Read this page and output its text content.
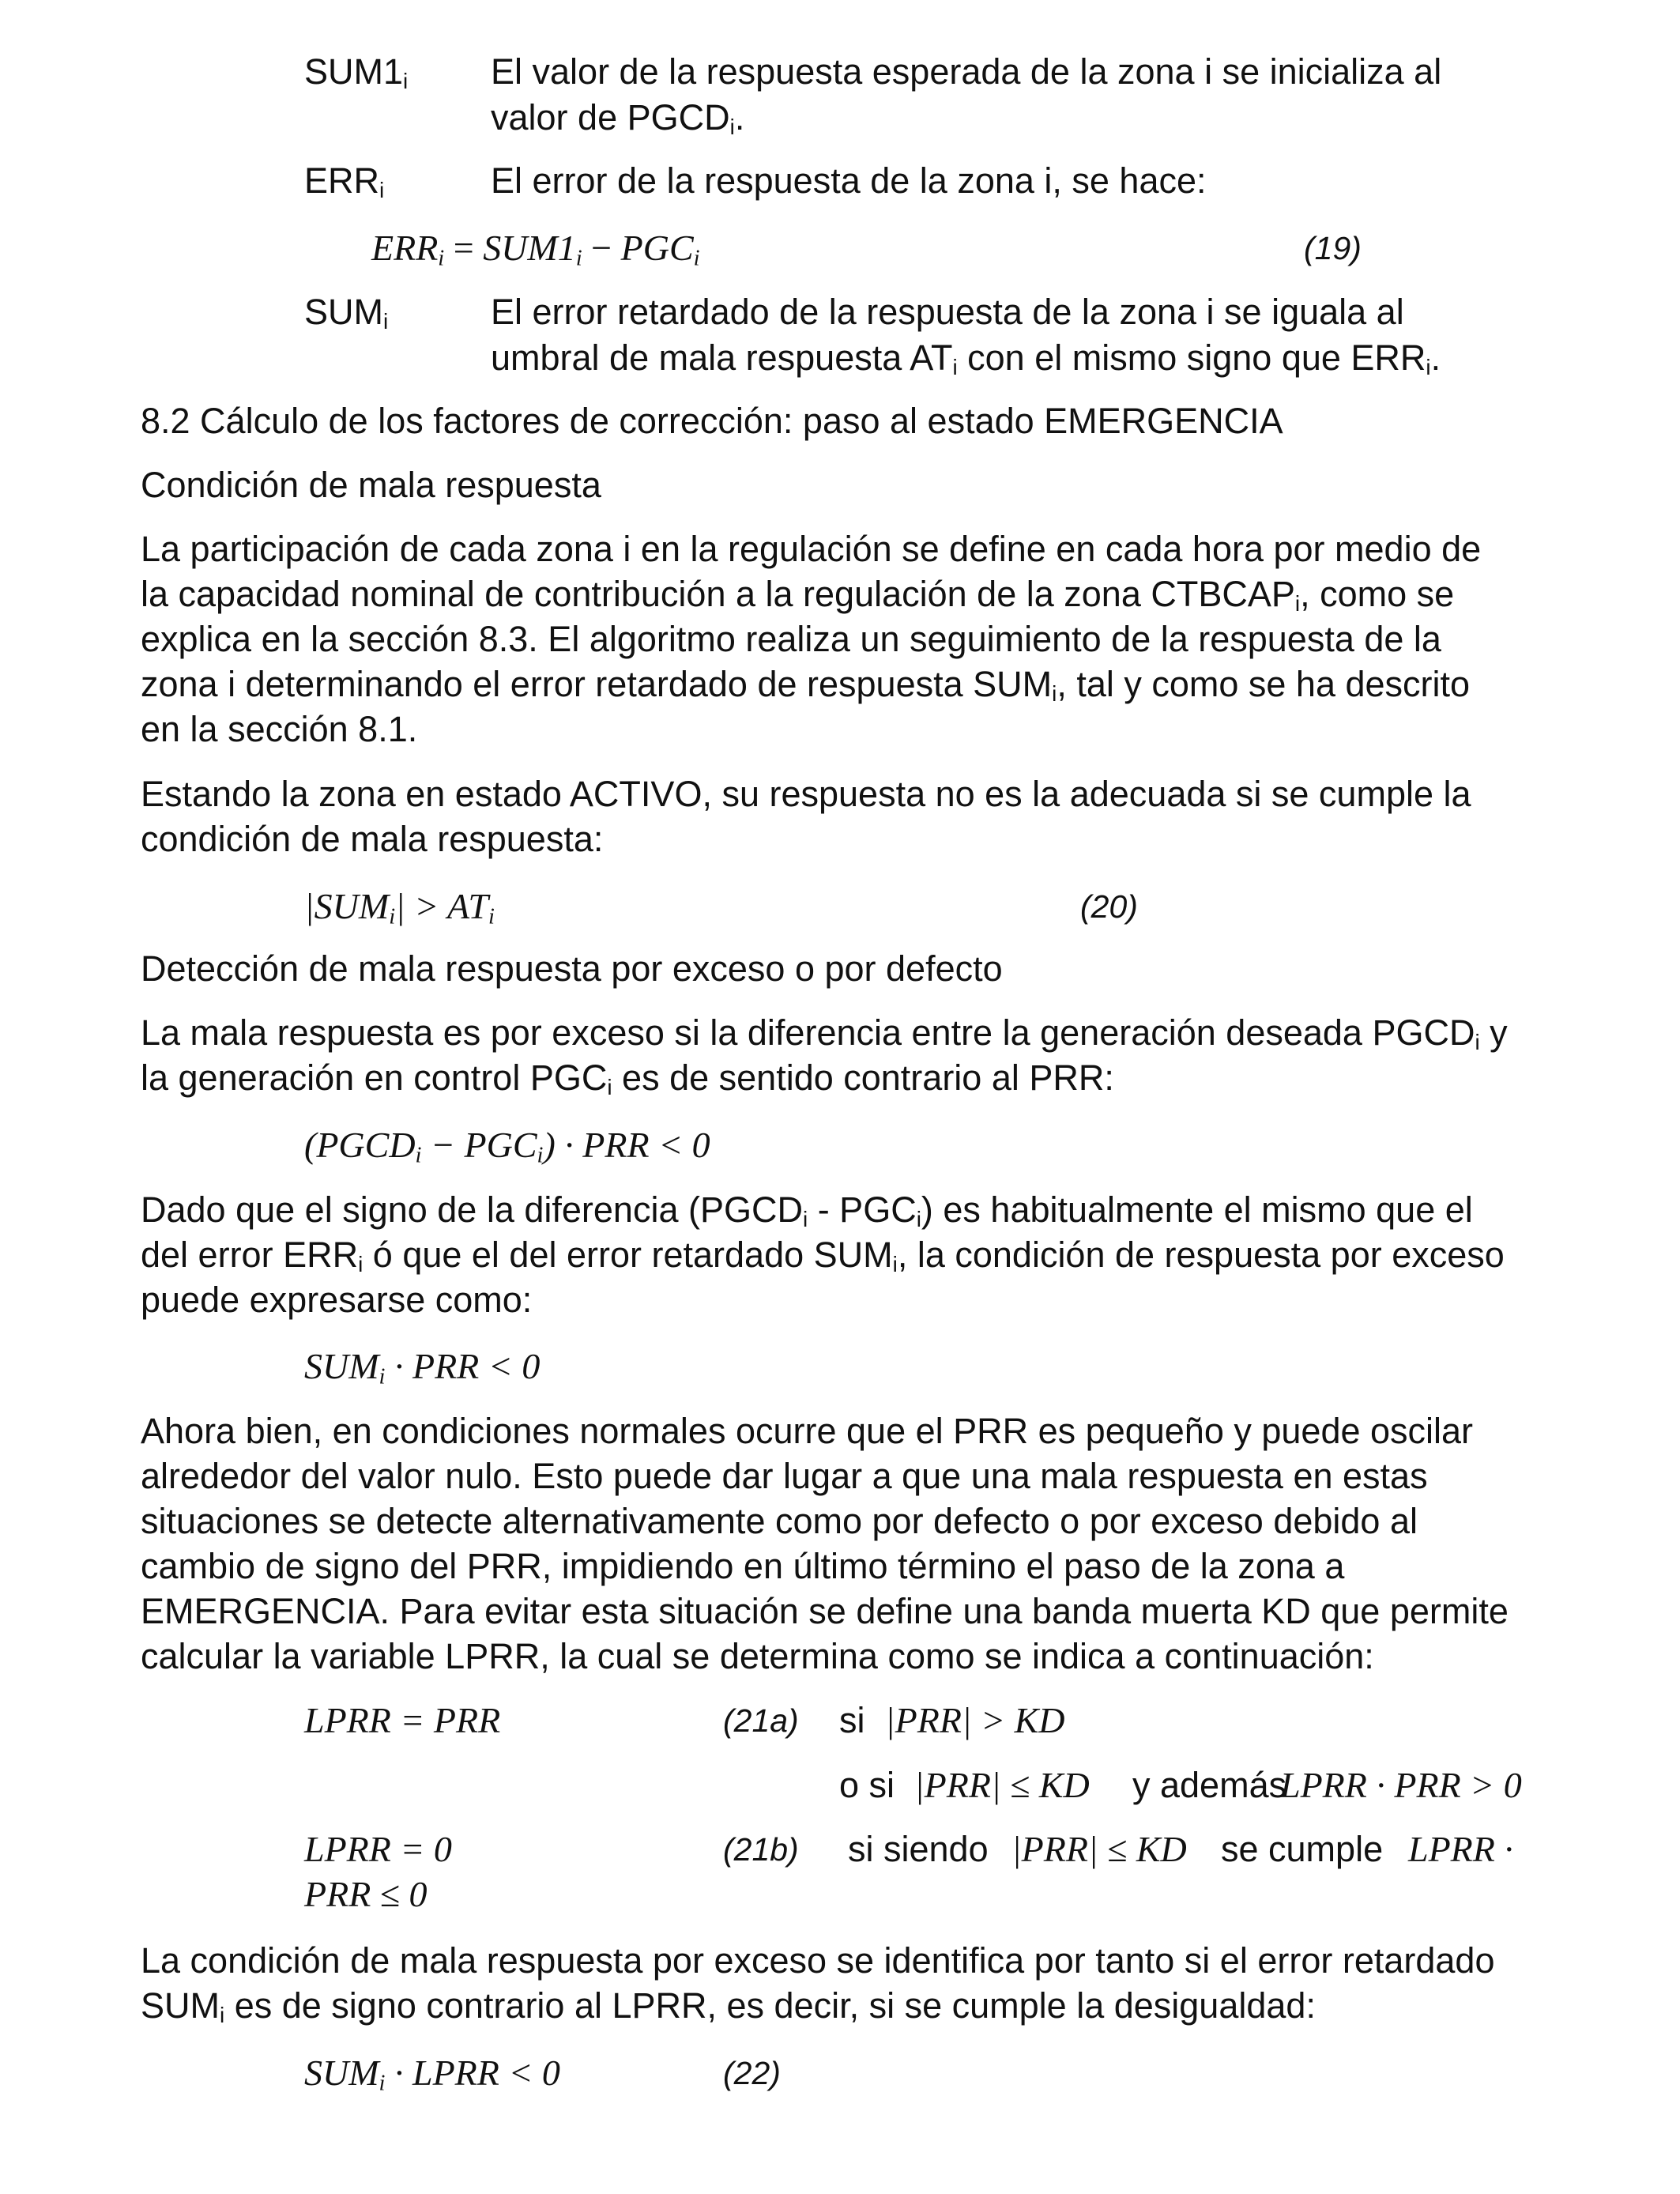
SUM1i El valor de la respuesta esperada de la zona i se inicializa al
valor de PGCDi.
ERRi	El error de la respuesta de la zona i, se hace:
$ERR_i = SUM1_i - PGC_i$	(19)
SUMi	El error retardado de la respuesta de la zona i se iguala al
umbral de mala respuesta ATi con el mismo signo que ERRi.
8.2 Cálculo de los factores de corrección: paso al estado EMERGENCIA
Condición de mala respuesta
La participación de cada zona i en la regulación se define en cada hora por medio de
la capacidad nominal de contribución a la regulación de la zona CTBCAPi, como se
explica en la sección 8.3. El algoritmo realiza un seguimiento de la respuesta de la
zona i determinando el error retardado de respuesta SUMi, tal y como se ha descrito
en la sección 8.1.
Estando la zona en estado ACTIVO, su respuesta no es la adecuada si se cumple la
condición de mala respuesta:
$|SUM_i| > AT_i$	(20)
Detección de mala respuesta por exceso o por defecto
La mala respuesta es por exceso si la diferencia entre la generación deseada PGCDi y
la generación en control PGCi es de sentido contrario al PRR:
$(PGCD_i - PGC_i)$ · PRR < 0
Dado que el signo de la diferencia (PGCDi - PGCi) es habitualmente el mismo que el
del error ERRi ó que el del error retardado SUMi, la condición de respuesta por exceso
puede expresarse como:
$SUM_i$ · PRR < 0
Ahora bien, en condiciones normales ocurre que el PRR es pequeño y puede oscilar
alrededor del valor nulo. Esto puede dar lugar a que una mala respuesta en estas
situaciones se detecte alternativamente como por defecto o por exceso debido al
cambio de signo del PRR, impidiendo en último término el paso de la zona a
EMERGENCIA. Para evitar esta situación se define una banda muerta KD que permite
calcular la variable LPRR, la cual se determina como se indica a continuación:
LPRR = PRR	(21a) si |PRR| > KD
o si |PRR| ≤ KD y además
LPRR · PRR > 0
LPRR = 0	(21b) si siendo |PRR| ≤ KD se cumple LPRR ·
PRR ≤ 0
La condición de mala respuesta por exceso se identifica por tanto si el error retardado
SUMi es de signo contrario al LPRR, es decir, si se cumple la desigualdad:
$SUM_i$ · LPRR < 0	(22)
